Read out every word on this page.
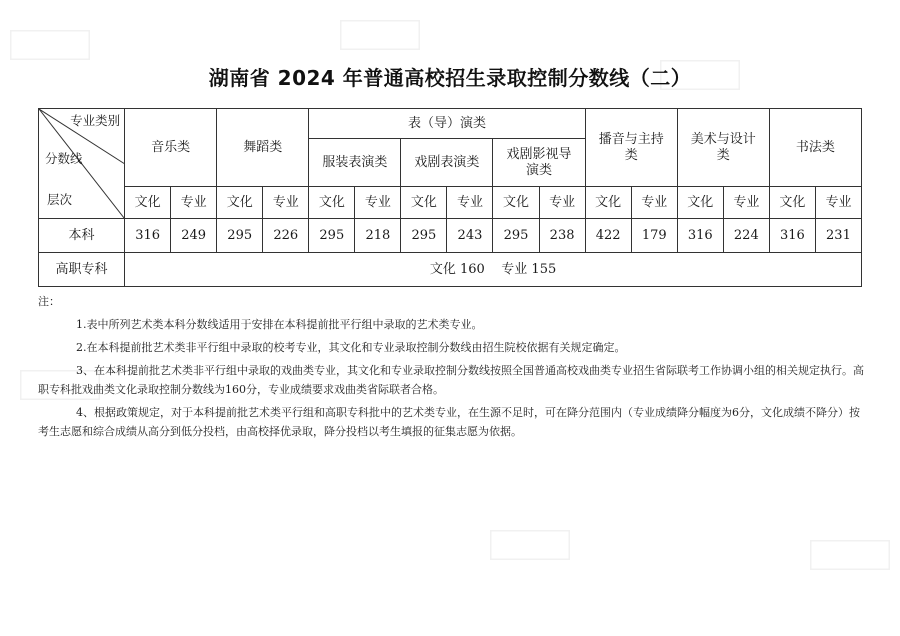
湖南省 2024 年普通高校招生录取控制分数线（二）
专业类别
分数线
层次	音乐类		舞蹈类		表（导）演类						播音与主持类		美术与设计类		书法类	
					服装表演类		戏剧表演类		戏剧影视导演类							
	文化	专业	文化	专业	文化	专业	文化	专业	文化	专业	文化	专业	文化	专业	文化	专业
本科	316	249	295	226	295	218	295	243	295	238	422	179	316	224	316	231
高职专科	文化 160    专业 155															

注：

1.表中所列艺术类本科分数线适用于安排在本科提前批平行组中录取的艺术类专业。

2.在本科提前批艺术类非平行组中录取的校考专业，其文化和专业录取控制分数线由招生院校依据有关规定确定。

3、在本科提前批艺术类非平行组中录取的戏曲类专业，其文化和专业录取控制分数线按照全国普通高校戏曲类专业招生省际联考工作协调小组的相关规定执行。高职专科批戏曲类文化录取控制分数线为160分，专业成绩要求戏曲类省际联者合格。

4、根据政策规定，对于本科提前批艺术类平行组和高职专科批中的艺术类专业，在生源不足时，可在降分范围内（专业成绩降分幅度为6分，文化成绩不降分）按考生志愿和综合成绩从高分到低分投档，由高校择优录取，降分投档以考生填报的征集志愿为依据。
